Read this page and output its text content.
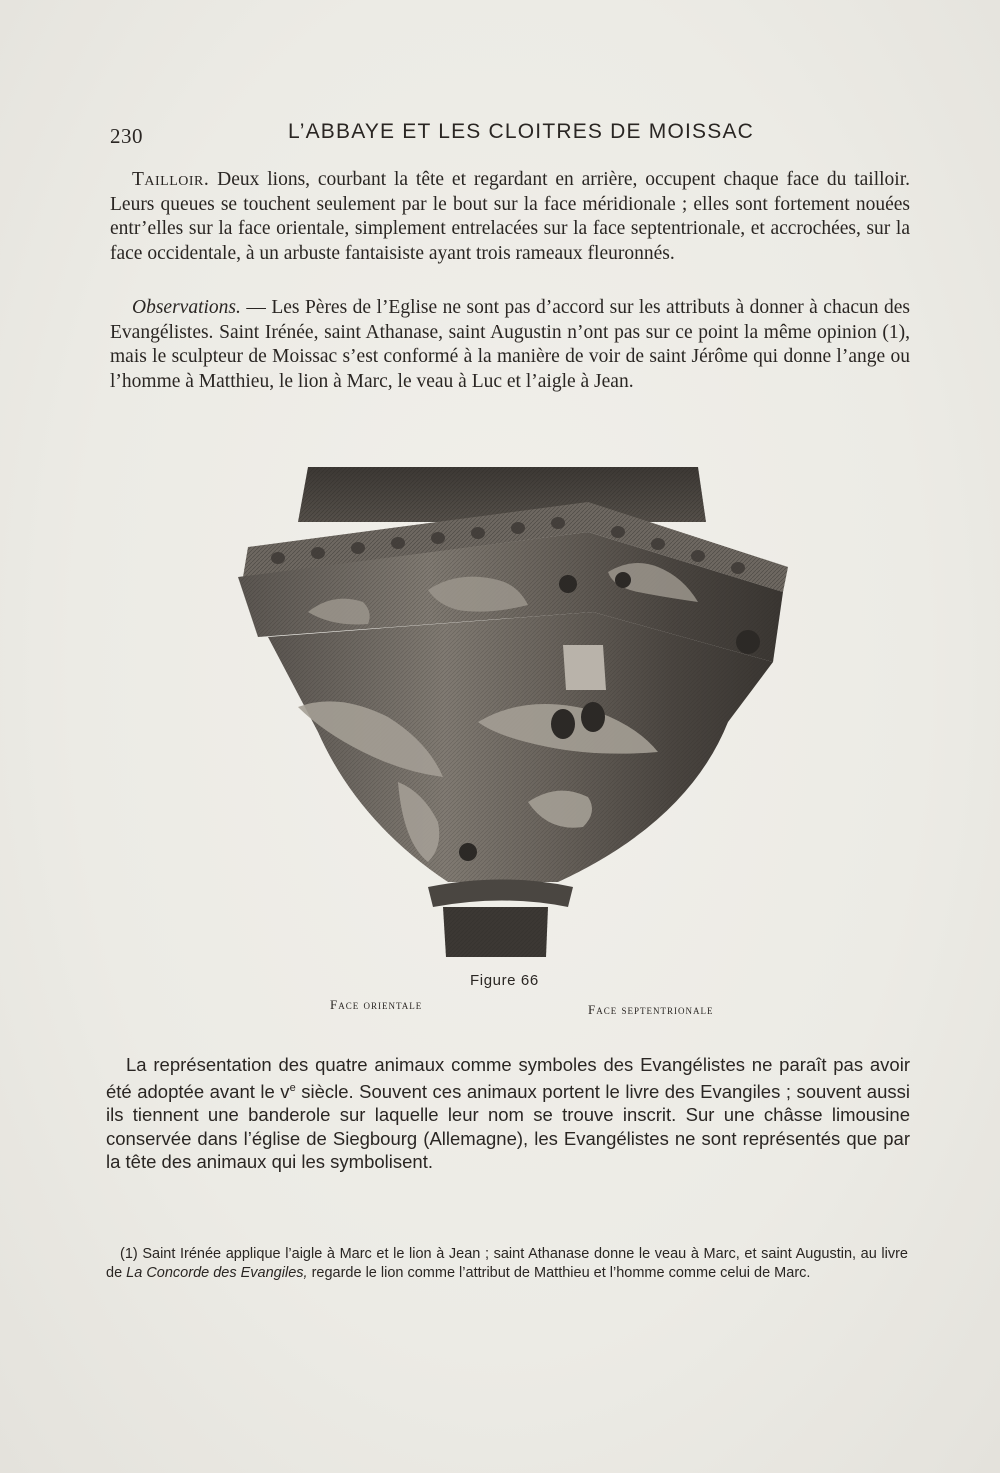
230	L’ABBAYE ET LES CLOITRES DE MOISSAC

Tailloir. Deux lions, courbant la tête et regardant en arrière, occupent chaque face du tailloir. Leurs queues se touchent seulement par le bout sur la face méridionale ; elles sont fortement nouées entr’elles sur la face orientale, simplement entrelacées sur la face septentrionale, et accrochées, sur la face occidentale, à un arbuste fantaisiste ayant trois rameaux fleuronnés.

Observations. — Les Pères de l’Eglise ne sont pas d’accord sur les attributs à donner à chacun des Evangélistes. Saint Irénée, saint Athanase, saint Augustin n’ont pas sur ce point la même opinion (1), mais le sculpteur de Moissac s’est conformé à la manière de voir de saint Jérôme qui donne l’ange ou l’homme à Matthieu, le lion à Marc, le veau à Luc et l’aigle à Jean.

Figure 66
Face orientale	Face septentrionale

La représentation des quatre animaux comme symboles des Evangélistes ne paraît pas avoir été adoptée avant le $v^e$ siècle. Souvent ces animaux portent le livre des Evangiles ; souvent aussi ils tiennent une banderole sur laquelle leur nom se trouve inscrit. Sur une châsse limousine conservée dans l’église de Siegbourg (Allemagne), les Evangélistes ne sont représentés que par la tête des animaux qui les symbolisent.

(1) Saint Irénée applique l’aigle à Marc et le lion à Jean ; saint Athanase donne le veau à Marc, et saint Augustin, au livre de La Concorde des Evangiles, regarde le lion comme l’attribut de Matthieu et l’homme comme celui de Marc.
